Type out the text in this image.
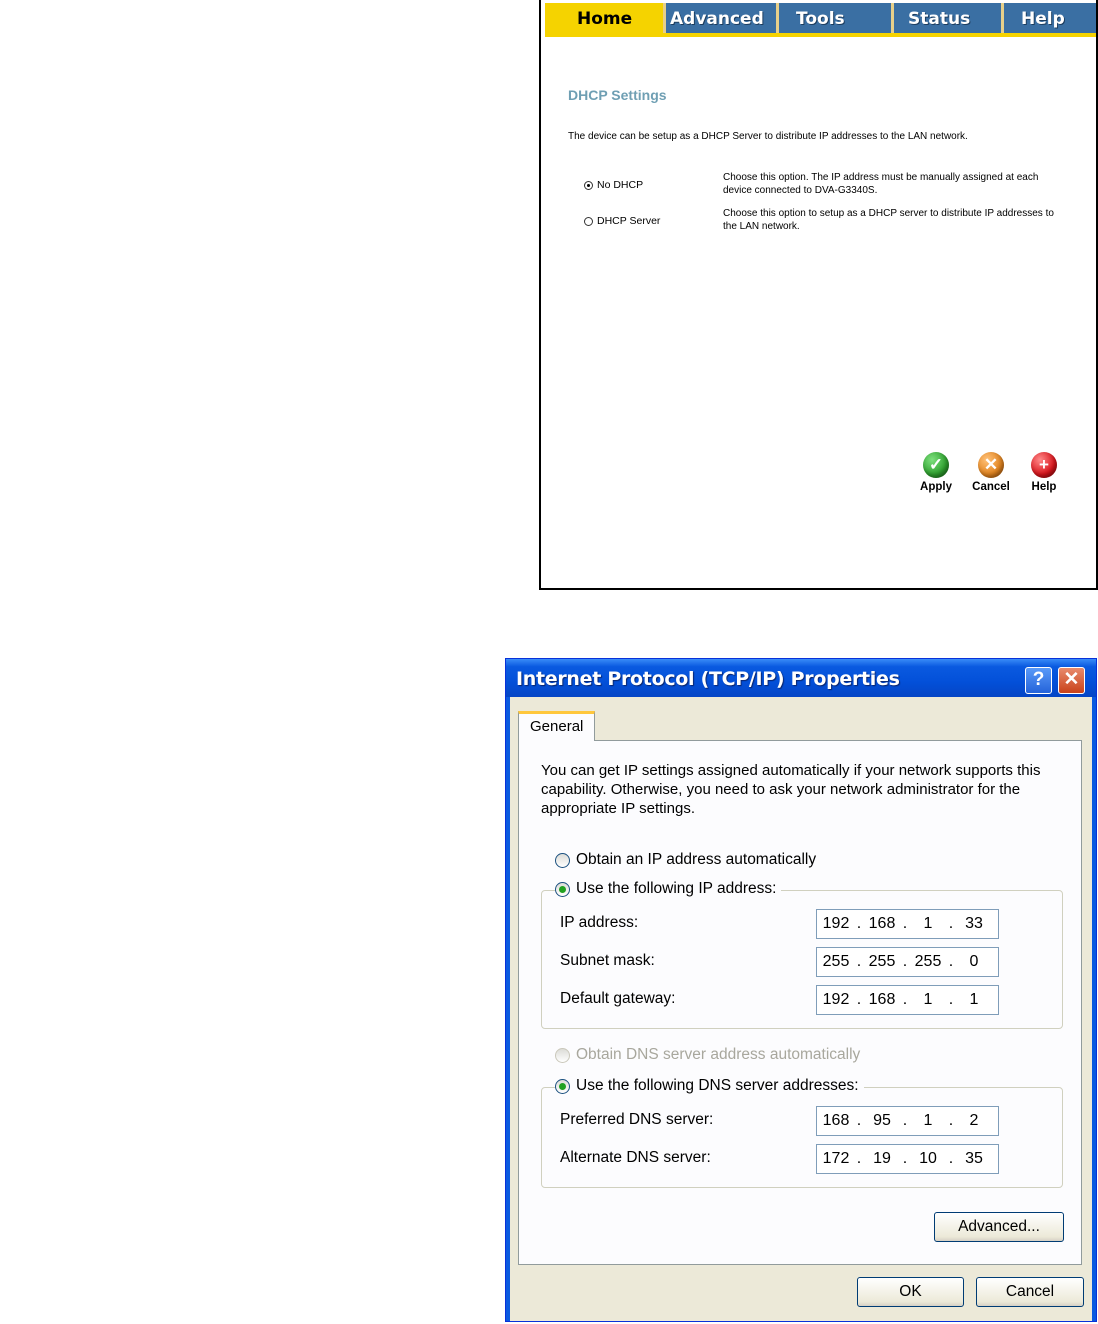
Home	Advanced	Tools	Status	Help
DHCP Settings
The device can be setup as a DHCP Server to distribute IP addresses to the LAN network.
No DHCP
Choose this option. The IP address must be manually assigned at each device connected to DVA-G3340S.
DHCP Server
Choose this option to setup as a DHCP server to distribute IP addresses to the LAN network.
✓
Apply
✕
Cancel
+
Help
Internet Protocol (TCP/IP) Properties	?	✕
General
You can get IP settings assigned automatically if your network supports this capability. Otherwise, you need to ask your network administrator for the appropriate IP settings.
Obtain an IP address automatically
Use the following IP address:
IP address:	192 . 168 .	1	. 33
Subnet mask:	255 . 255 . 255 .	0
Default gateway:	192 . 168 .	1	.	1
Obtain DNS server address automatically
Use the following DNS server addresses:
Preferred DNS server:	168 . 95 .	1	.	2
Alternate DNS server:	172 . 19 . 10 . 35
Advanced...
OK	Cancel
